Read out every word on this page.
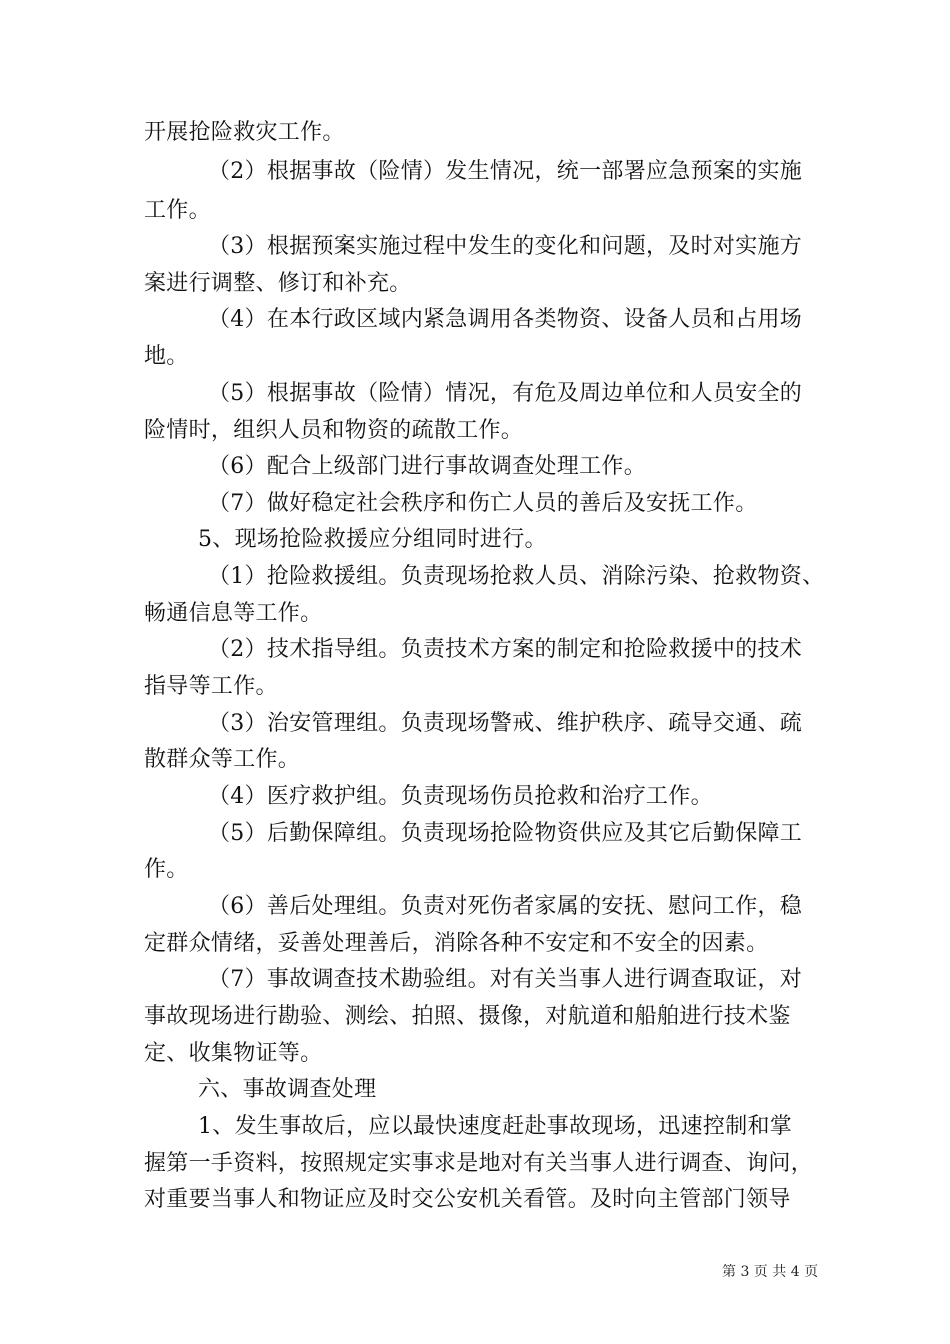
开展抢险救灾工作。
（2）根据事故（险情）发生情况，统一部署应急预案的实施
工作。
（3）根据预案实施过程中发生的变化和问题，及时对实施方
案进行调整、修订和补充。
（4）在本行政区域内紧急调用各类物资、设备人员和占用场
地。
（5）根据事故（险情）情况，有危及周边单位和人员安全的
险情时，组织人员和物资的疏散工作。
（6）配合上级部门进行事故调查处理工作。
（7）做好稳定社会秩序和伤亡人员的善后及安抚工作。
5、现场抢险救援应分组同时进行。
（1）抢险救援组。负责现场抢救人员、消除污染、抢救物资、
畅通信息等工作。
（2）技术指导组。负责技术方案的制定和抢险救援中的技术
指导等工作。
（3）治安管理组。负责现场警戒、维护秩序、疏导交通、疏
散群众等工作。
（4）医疗救护组。负责现场伤员抢救和治疗工作。
（5）后勤保障组。负责现场抢险物资供应及其它后勤保障工
作。
（6）善后处理组。负责对死伤者家属的安抚、慰问工作，稳
定群众情绪，妥善处理善后，消除各种不安定和不安全的因素。
（7）事故调查技术勘验组。对有关当事人进行调查取证，对
事故现场进行勘验、测绘、拍照、摄像，对航道和船舶进行技术鉴
定、收集物证等。
六、事故调查处理
1、发生事故后，应以最快速度赶赴事故现场，迅速控制和掌
握第一手资料，按照规定实事求是地对有关当事人进行调查、询问，
对重要当事人和物证应及时交公安机关看管。及时向主管部门领导
第 3 页 共 4 页
